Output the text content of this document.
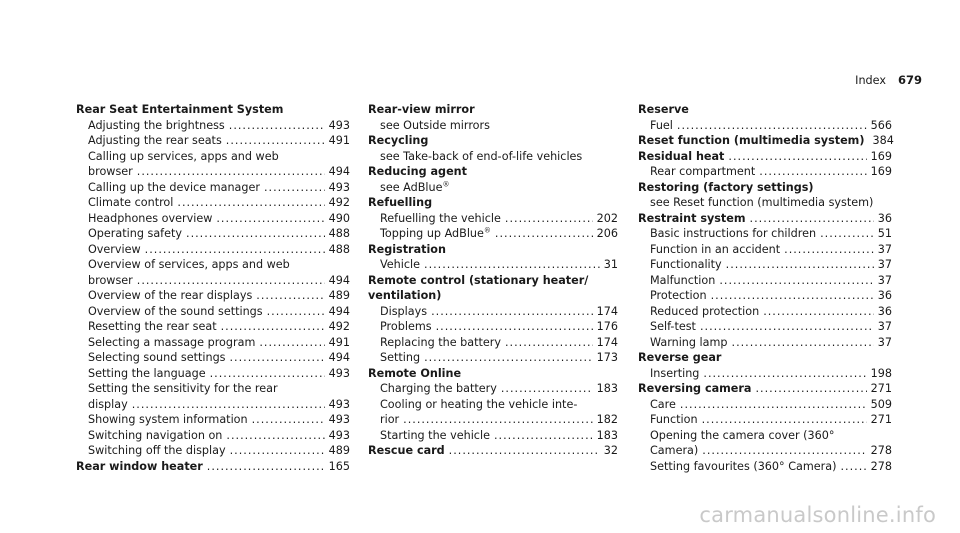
Index 679
Rear Seat Entertainment System
Adjusting the brightness .....	493
Adjusting the rear seats .....	491
Calling up services, apps and web
browser .....	494
Calling up the device manager .....	493
Climate control .....	492
Headphones overview .....	490
Operating safety .....	488
Overview .....	488
Overview of services, apps and web
browser .....	494
Overview of the rear displays .....	489
Overview of the sound settings .....	494
Resetting the rear seat .....	492
Selecting a massage program .....	491
Selecting sound settings .....	494
Setting the language .....	493
Setting the sensitivity for the rear
display .....	493
Showing system information .....	493
Switching navigation on .....	493
Switching off the display .....	489
Rear window heater .....	165
Rear-view mirror
see Outside mirrors
Recycling
see Take-back of end-of-life vehicles
Reducing agent
see AdBlue®
Refuelling
Refuelling the vehicle .....	202
Topping up AdBlue® .....	206
Registration
Vehicle .....	31
Remote control (stationary heater/
ventilation)
Displays .....	174
Problems .....	176
Replacing the battery .....	174
Setting .....	173
Remote Online
Charging the battery .....	183
Cooling or heating the vehicle inte-
rior .....	182
Starting the vehicle .....	183
Rescue card .....	32
Reserve
Fuel .....	566
Reset function (multimedia system) 384
Residual heat .....	169
Rear compartment .....	169
Restoring (factory settings)
see Reset function (multimedia system)
Restraint system .....	36
Basic instructions for children .....	51
Function in an accident .....	37
Functionality .....	37
Malfunction .....	37
Protection .....	36
Reduced protection .....	36
Self-test .....	37
Warning lamp .....	37
Reverse gear
Inserting .....	198
Reversing camera .....	271
Care .....	509
Function .....	271
Opening the camera cover (360°
Camera) .....	278
Setting favourites (360° Camera) .....	278
carmanualsonline.info
